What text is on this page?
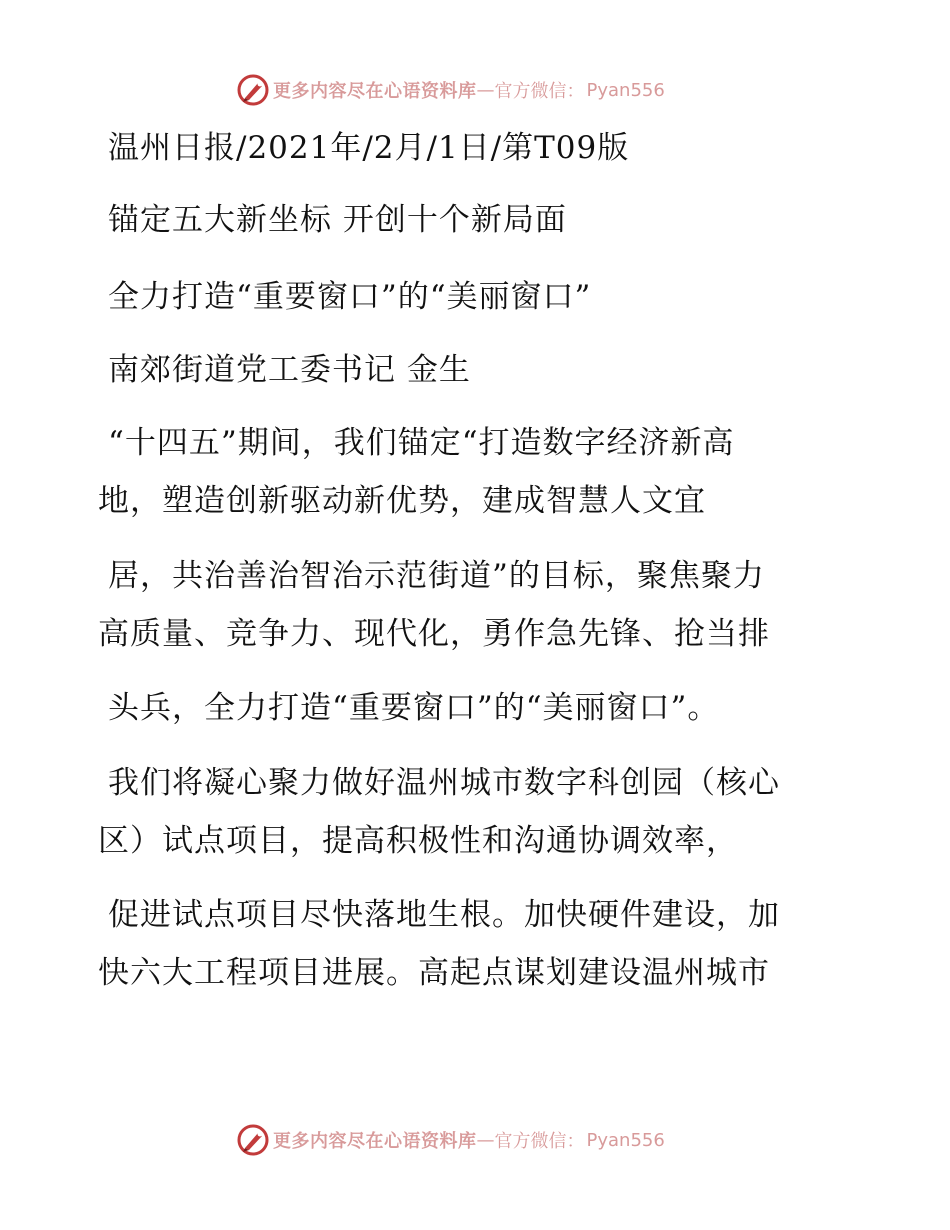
更多内容尽在心语资料库 — 官方微信： Pyan556
温州日报/2021年/2月/1日/第T09版
锚定五大新坐标 开创十个新局面
全力打造“重要窗口”的“美丽窗口”
南郊街道党工委书记 金生
“十四五”期间，我们锚定“打造数字经济新高
地，塑造创新驱动新优势，建成智慧人文宜
居，共治善治智治示范街道”的目标，聚焦聚力
高质量、竞争力、现代化，勇作急先锋、抢当排
头兵，全力打造“重要窗口”的“美丽窗口”。
我们将凝心聚力做好温州城市数字科创园（核心
区）试点项目，提高积极性和沟通协调效率，
促进试点项目尽快落地生根。加快硬件建设，加
快六大工程项目进展。高起点谋划建设温州城市
更多内容尽在心语资料库 — 官方微信： Pyan556
